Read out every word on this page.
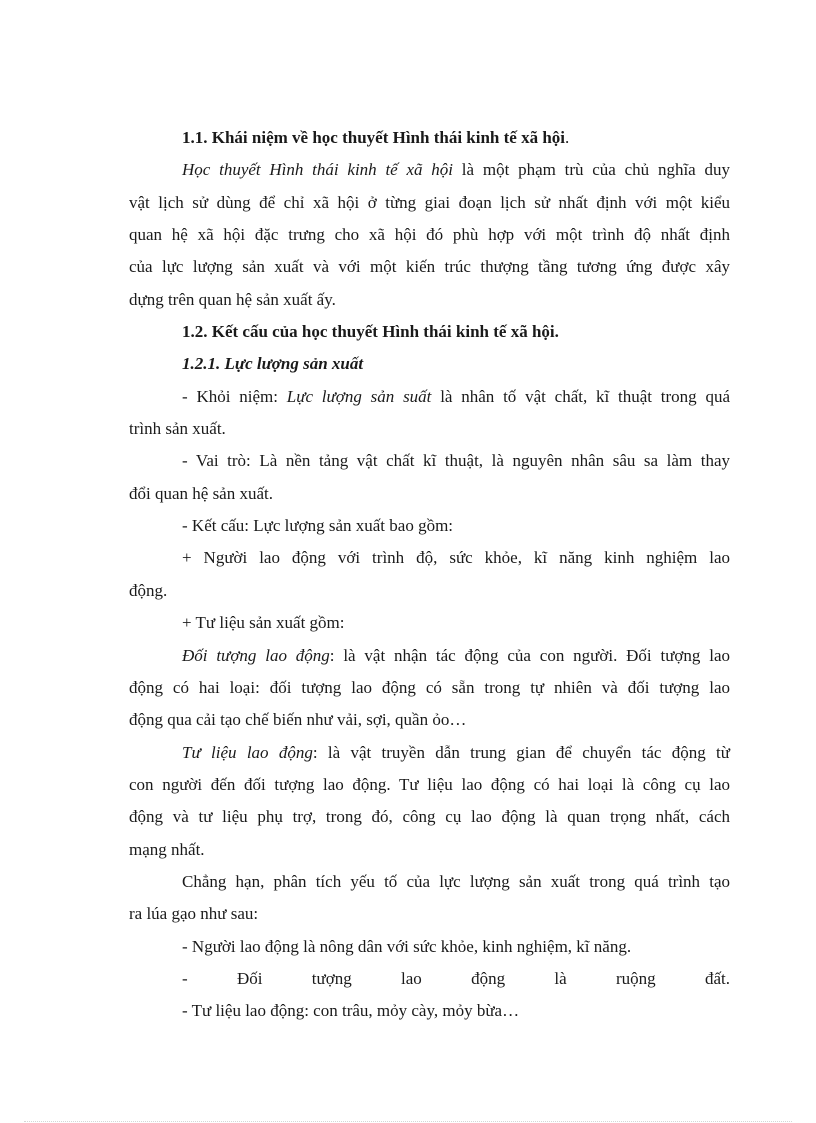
1.1. Khái niệm về học thuyết Hình thái kinh tế xã hội.
Học thuyết Hình thái kinh tế xã hội là một phạm trù của chủ nghĩa duy
vật lịch sử dùng để chỉ xã hội ở từng giai đoạn lịch sử nhất định với một kiểu
quan hệ xã hội đặc trưng cho xã hội đó phù hợp với một trình độ nhất định
của lực lượng sản xuất và với một kiến trúc thượng tầng tương ứng được xây
dựng trên quan hệ sản xuất ấy.
1.2. Kết cấu của học thuyết Hình thái kinh tế xã hội.
1.2.1. Lực lượng sản xuất
- Khỏi niệm: Lực lượng sản suất là nhân tố vật chất, kĩ thuật trong quá
trình sản xuất.
- Vai trò: Là nền tảng vật chất kĩ thuật, là nguyên nhân sâu sa làm thay
đổi quan hệ sản xuất.
- Kết cấu: Lực lượng sản xuất bao gồm:
+ Người lao động với trình độ, sức khỏe, kĩ năng kinh nghiệm lao
động.
+ Tư liệu sản xuất gồm:
Đối tượng lao động: là vật nhận tác động của con người. Đối tượng lao
động có hai loại: đối tượng lao động có sẵn trong tự nhiên và đối tượng lao
động qua cải tạo chế biến như vải, sợi, quần ỏo…
Tư liệu lao động: là vật truyền dẫn trung gian để chuyển tác động từ
con người đến đối tượng lao động. Tư liệu lao động có hai loại là công cụ lao
động và tư liệu phụ trợ, trong đó, công cụ lao động là quan trọng nhất, cách
mạng nhất.
Chẳng hạn, phân tích yếu tố của lực lượng sản xuất trong quá trình tạo
ra lúa gạo như sau:
- Người lao động là nông dân với sức khỏe, kinh nghiệm, kĩ năng.
- Đối tượng lao động là ruộng đất.
- Tư liệu lao động: con trâu, mỏy cày, mỏy bừa…
